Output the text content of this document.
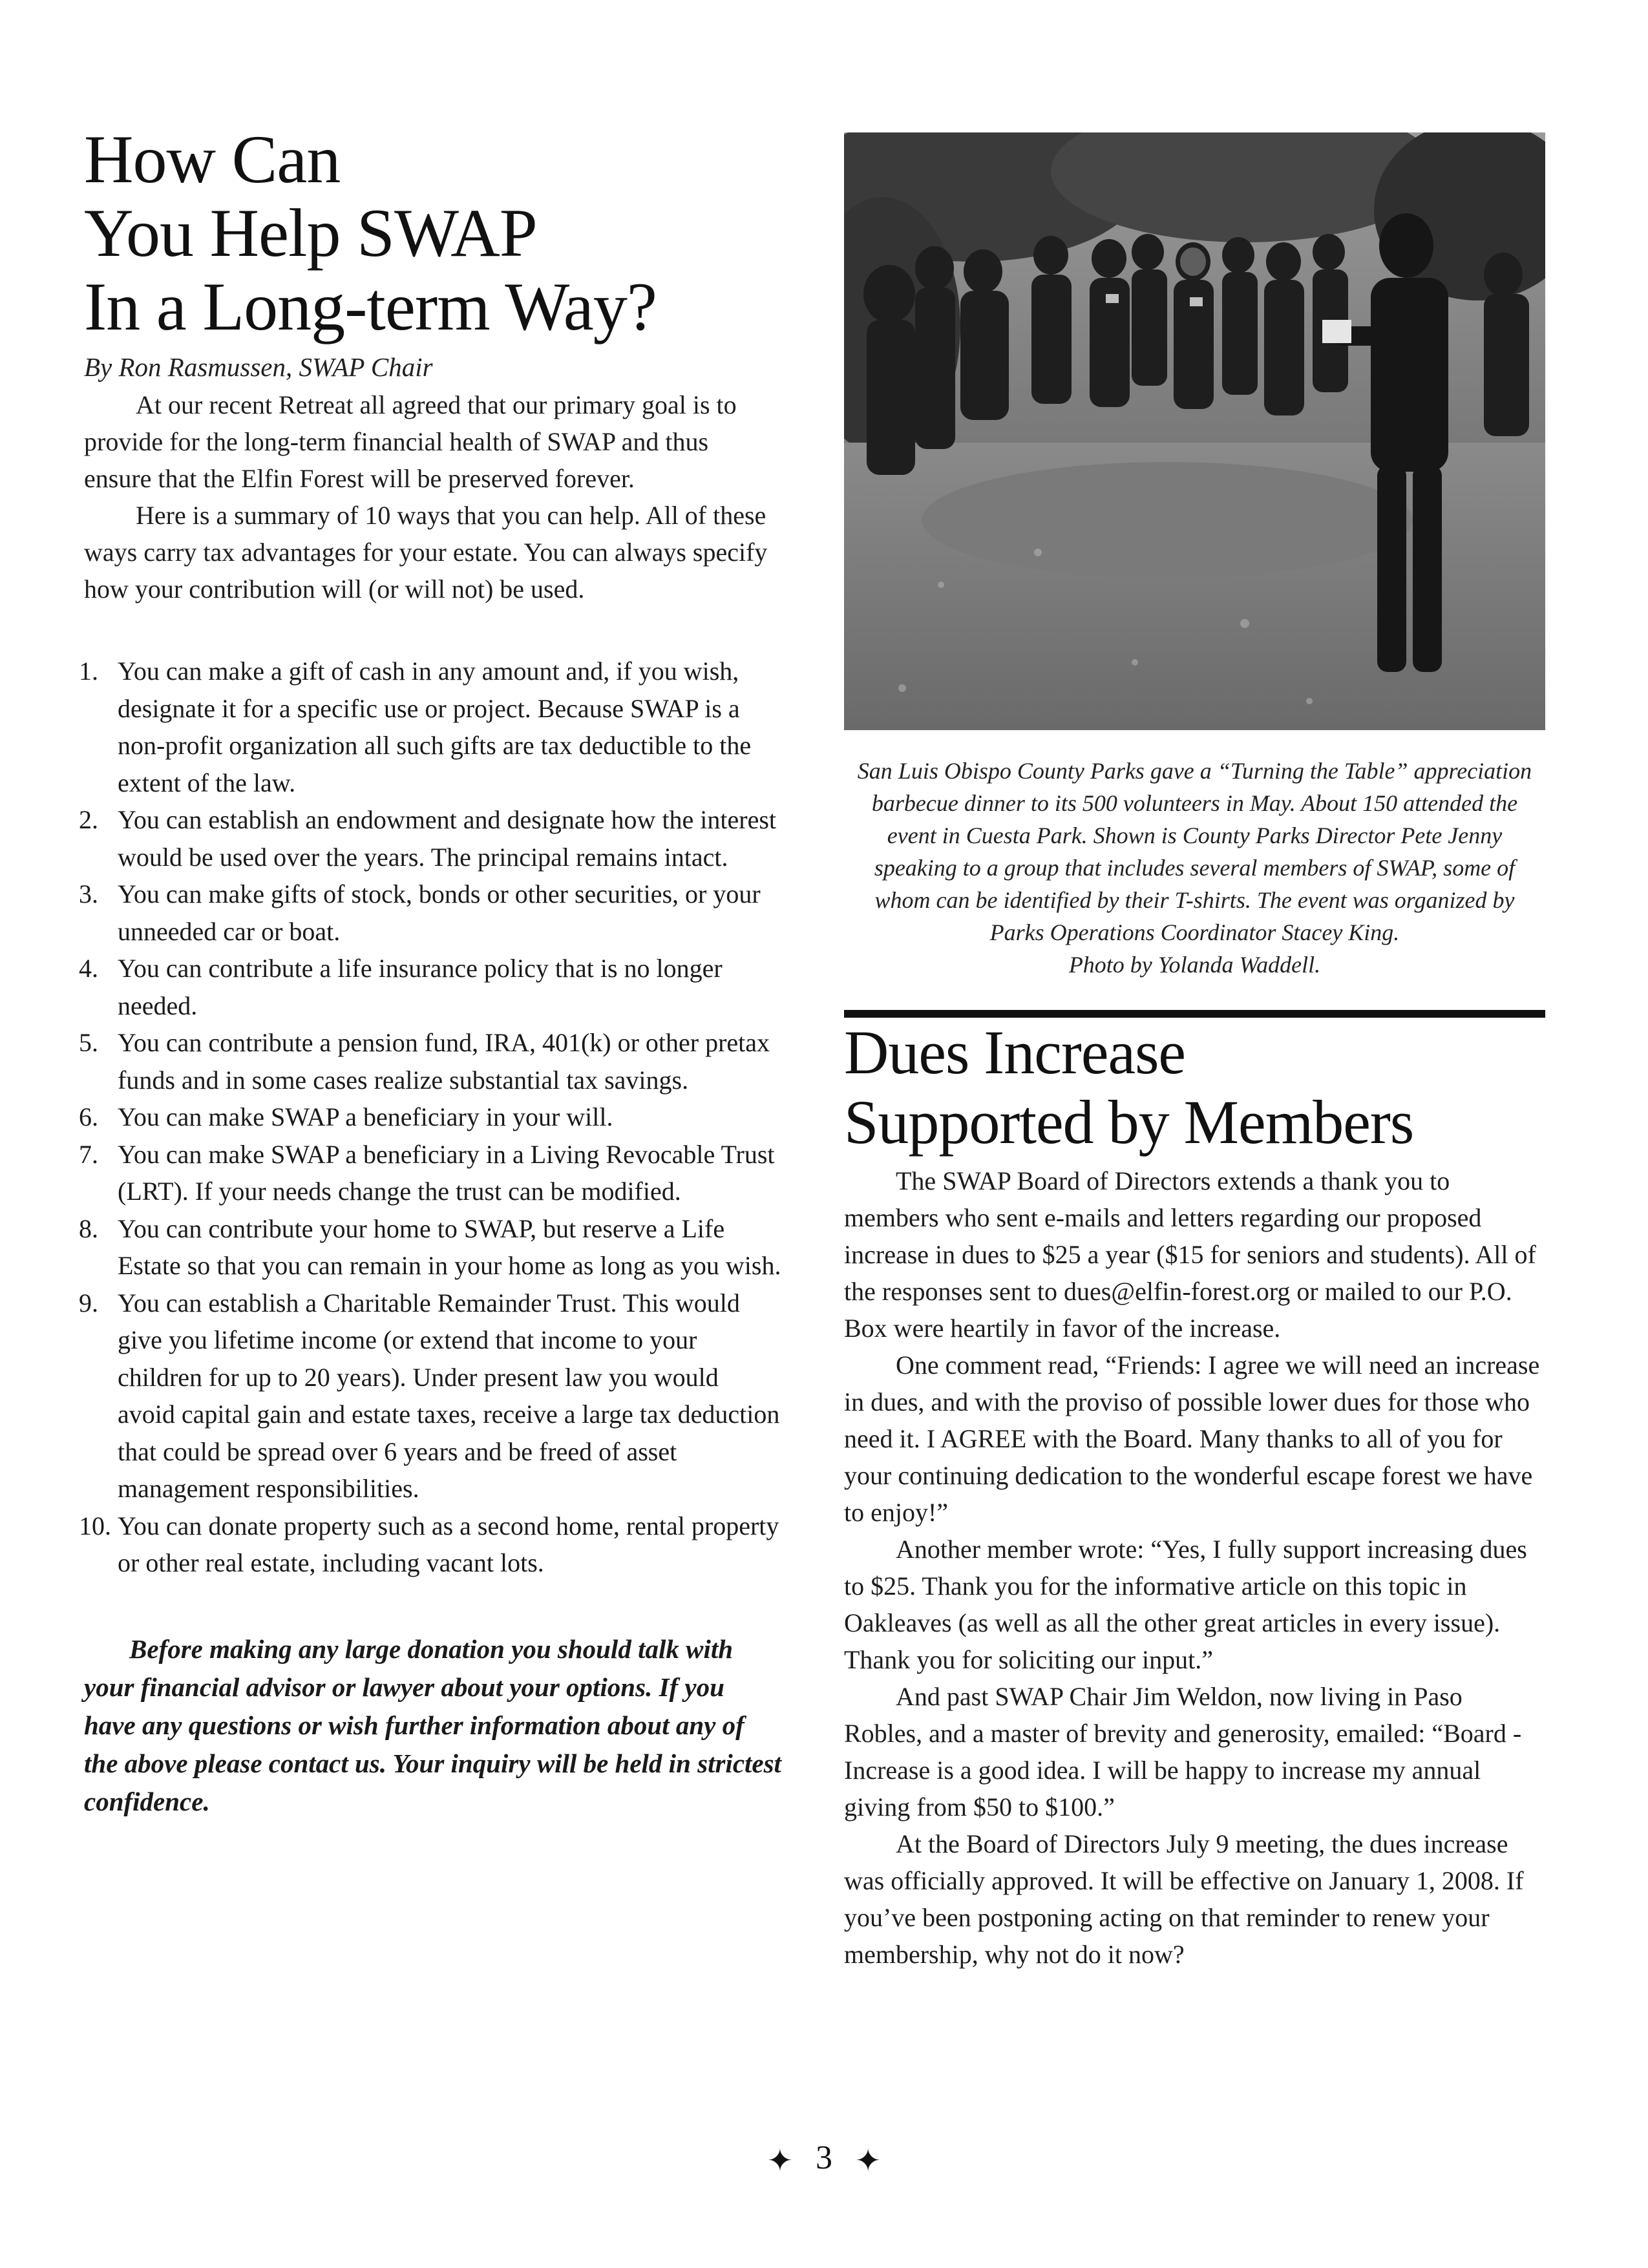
How Can
You Help SWAP
In a Long-term Way?
By Ron Rasmussen, SWAP Chair

At our recent Retreat all agreed that our primary goal is to provide for the long-term financial health of SWAP and thus ensure that the Elfin Forest will be preserved forever.

Here is a summary of 10 ways that you can help. All of these ways carry tax advantages for your estate. You can always specify how your contribution will (or will not) be used.

1. You can make a gift of cash in any amount and, if you wish, designate it for a specific use or project. Because SWAP is a non-profit organization all such gifts are tax deductible to the extent of the law.
2. You can establish an endowment and designate how the interest would be used over the years. The principal remains intact.
3. You can make gifts of stock, bonds or other securities, or your unneeded car or boat.
4. You can contribute a life insurance policy that is no longer needed.
5. You can contribute a pension fund, IRA, 401(k) or other pretax funds and in some cases realize substantial tax savings.
6. You can make SWAP a beneficiary in your will.
7. You can make SWAP a beneficiary in a Living Revocable Trust (LRT). If your needs change the trust can be modified.
8. You can contribute your home to SWAP, but reserve a Life Estate so that you can remain in your home as long as you wish.
9. You can establish a Charitable Remainder Trust. This would give you lifetime income (or extend that income to your children for up to 20 years). Under present law you would avoid capital gain and estate taxes, receive a large tax deduction that could be spread over 6 years and be freed of asset management responsibilities.
10. You can donate property such as a second home, rental property or other real estate, including vacant lots.
Before making any large donation you should talk with your financial advisor or lawyer about your options. If you have any questions or wish further information about any of the above please contact us. Your inquiry will be held in strictest confidence.
San Luis Obispo County Parks gave a “Turning the Table” appreciation barbecue dinner to its 500 volunteers in May. About 150 attended the event in Cuesta Park. Shown is County Parks Director Pete Jenny speaking to a group that includes several members of SWAP, some of whom can be identified by their T-shirts. The event was organized by Parks Operations Coordinator Stacey King.
Photo by Yolanda Waddell.
Dues Increase
Supported by Members

The SWAP Board of Directors extends a thank you to members who sent e-mails and letters regarding our proposed increase in dues to $25 a year ($15 for seniors and students). All of the responses sent to dues@elfin-forest.org or mailed to our P.O. Box were heartily in favor of the increase.

One comment read, “Friends: I agree we will need an increase in dues, and with the proviso of possible lower dues for those who need it. I AGREE with the Board. Many thanks to all of you for your continuing dedication to the wonderful escape forest we have to enjoy!”

Another member wrote: “Yes, I fully support increasing dues to $25. Thank you for the informative article on this topic in Oakleaves (as well as all the other great articles in every issue). Thank you for soliciting our input.”

And past SWAP Chair Jim Weldon, now living in Paso Robles, and a master of brevity and generosity, emailed: “Board - Increase is a good idea. I will be happy to increase my annual giving from $50 to $100.”

At the Board of Directors July 9 meeting, the dues increase was officially approved. It will be effective on January 1, 2008. If you’ve been postponing acting on that reminder to renew your membership, why not do it now?

✦ 3 ✦
